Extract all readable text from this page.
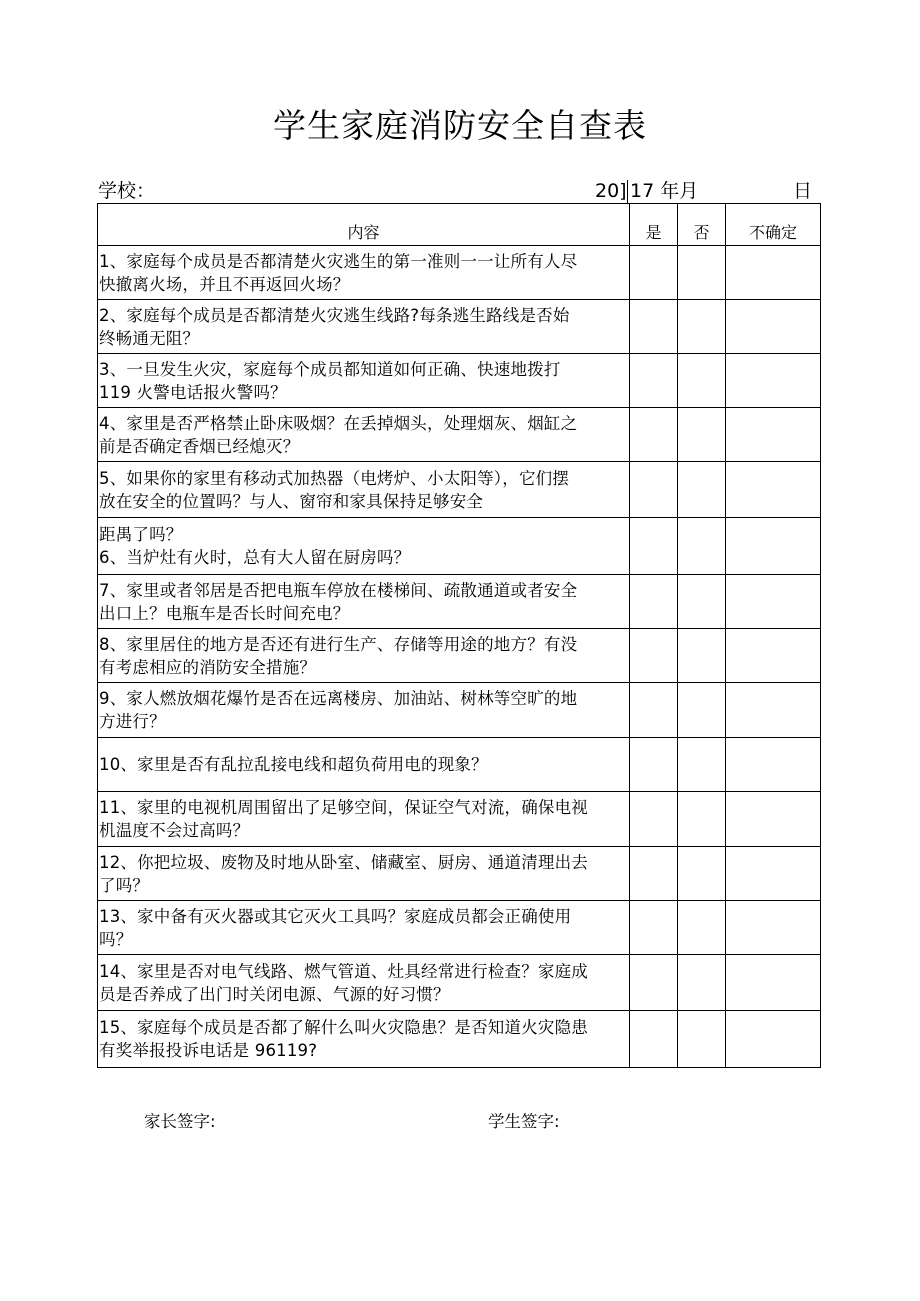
学生家庭消防安全自查表
学校：	20] 17 年月	日
内容	是	否	不确定
1、家庭每个成员是否都清楚火灾逃生的第一准则一一让所有人尽
快撤离火场，并且不再返回火场？			
2、家庭每个成员是否都清楚火灾逃生线路?每条逃生路线是否始
终畅通无阻？			
3、一旦发生火灾，家庭每个成员都知道如何正确、快速地拨打
119 火警电话报火警吗？			
4、家里是否严格禁止卧床吸烟？在丢掉烟头，处理烟灰、烟缸之
前是否确定香烟已经熄灭？			
5、如果你的家里有移动式加热器（电烤炉、小太阳等），它们摆
放在安全的位置吗？与人、窗帘和家具保持足够安全			
距禺了吗？
6、当炉灶有火时，总有大人留在厨房吗？			
7、家里或者邻居是否把电瓶车停放在楼梯间、疏散通道或者安全
出口上？电瓶车是否长时间充电？			
8、家里居住的地方是否还有进行生产、存储等用途的地方？有没
有考虑相应的消防安全措施？			
9、家人燃放烟花爆竹是否在远离楼房、加油站、树林等空旷的地
方进行？			
10、家里是否有乱拉乱接电线和超负荷用电的现象？			
11、家里的电视机周围留出了足够空间，保证空气对流，确保电视
机温度不会过高吗？			
12、你把垃圾、废物及时地从卧室、储藏室、厨房、通道清理出去
了吗？			
13、家中备有灭火器或其它灭火工具吗？家庭成员都会正确使用
吗？			
14、家里是否对电气线路、燃气管道、灶具经常进行检查？家庭成
员是否养成了出门时关闭电源、气源的好习惯？			
15、家庭每个成员是否都了解什么叫火灾隐患？是否知道火灾隐患
有奖举报投诉电话是 96119?			
家长签字:	学生签字:
